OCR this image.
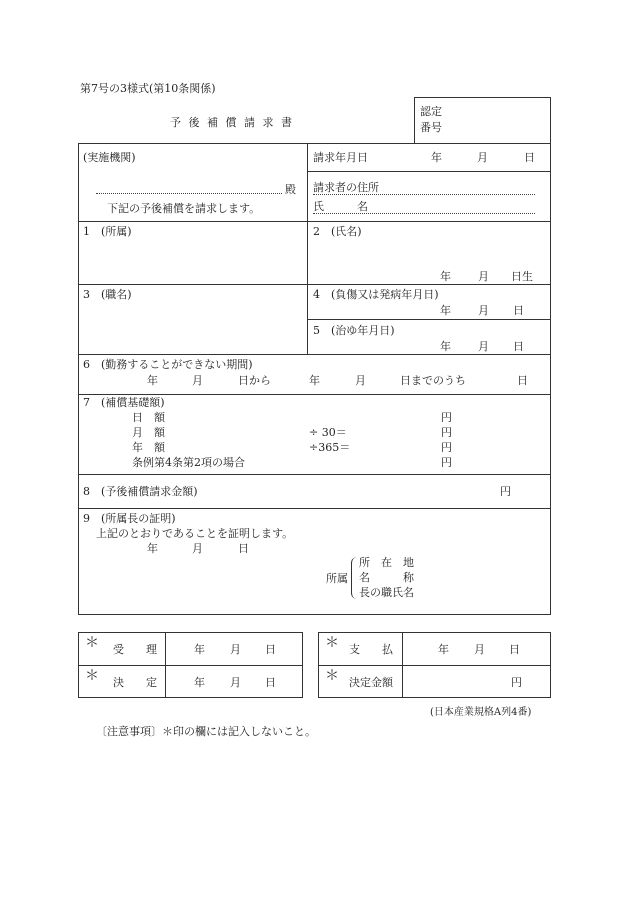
第7号の3様式(第10条関係)
予 後 補 償 請 求 書
認定
番号
(実施機関)
殿
下記の予後補償を請求します。
請求年月日	年	月	日
請求者の住所
氏　　　名
1　(所属)	2　(氏名)
年 月 日生
3　(職名)	4　(負傷又は発病年月日)
年 月 日
5　(治ゆ年月日)
年 月 日
6　(勤務することができない期間)
年	月	日から	年	月	日までのうち	日
7　(補償基礎額)
日　額	円
月　額	÷ 30＝	円
年　額	÷365＝	円
条例第4条第2項の場合	円
8　(予後補償請求金額)	円
9　(所属長の証明)
上記のとおりであることを証明します。
年	月	日
所属
所　在　地
名　　　称
長の職氏名
＊ 受　　理	年 月 日
＊ 決　　定	年 月 日
＊ 支　　払	年 月 日
＊ 決定金額	円
(日本産業規格A列4番)
〔注意事項〕＊印の欄には記入しないこと。
